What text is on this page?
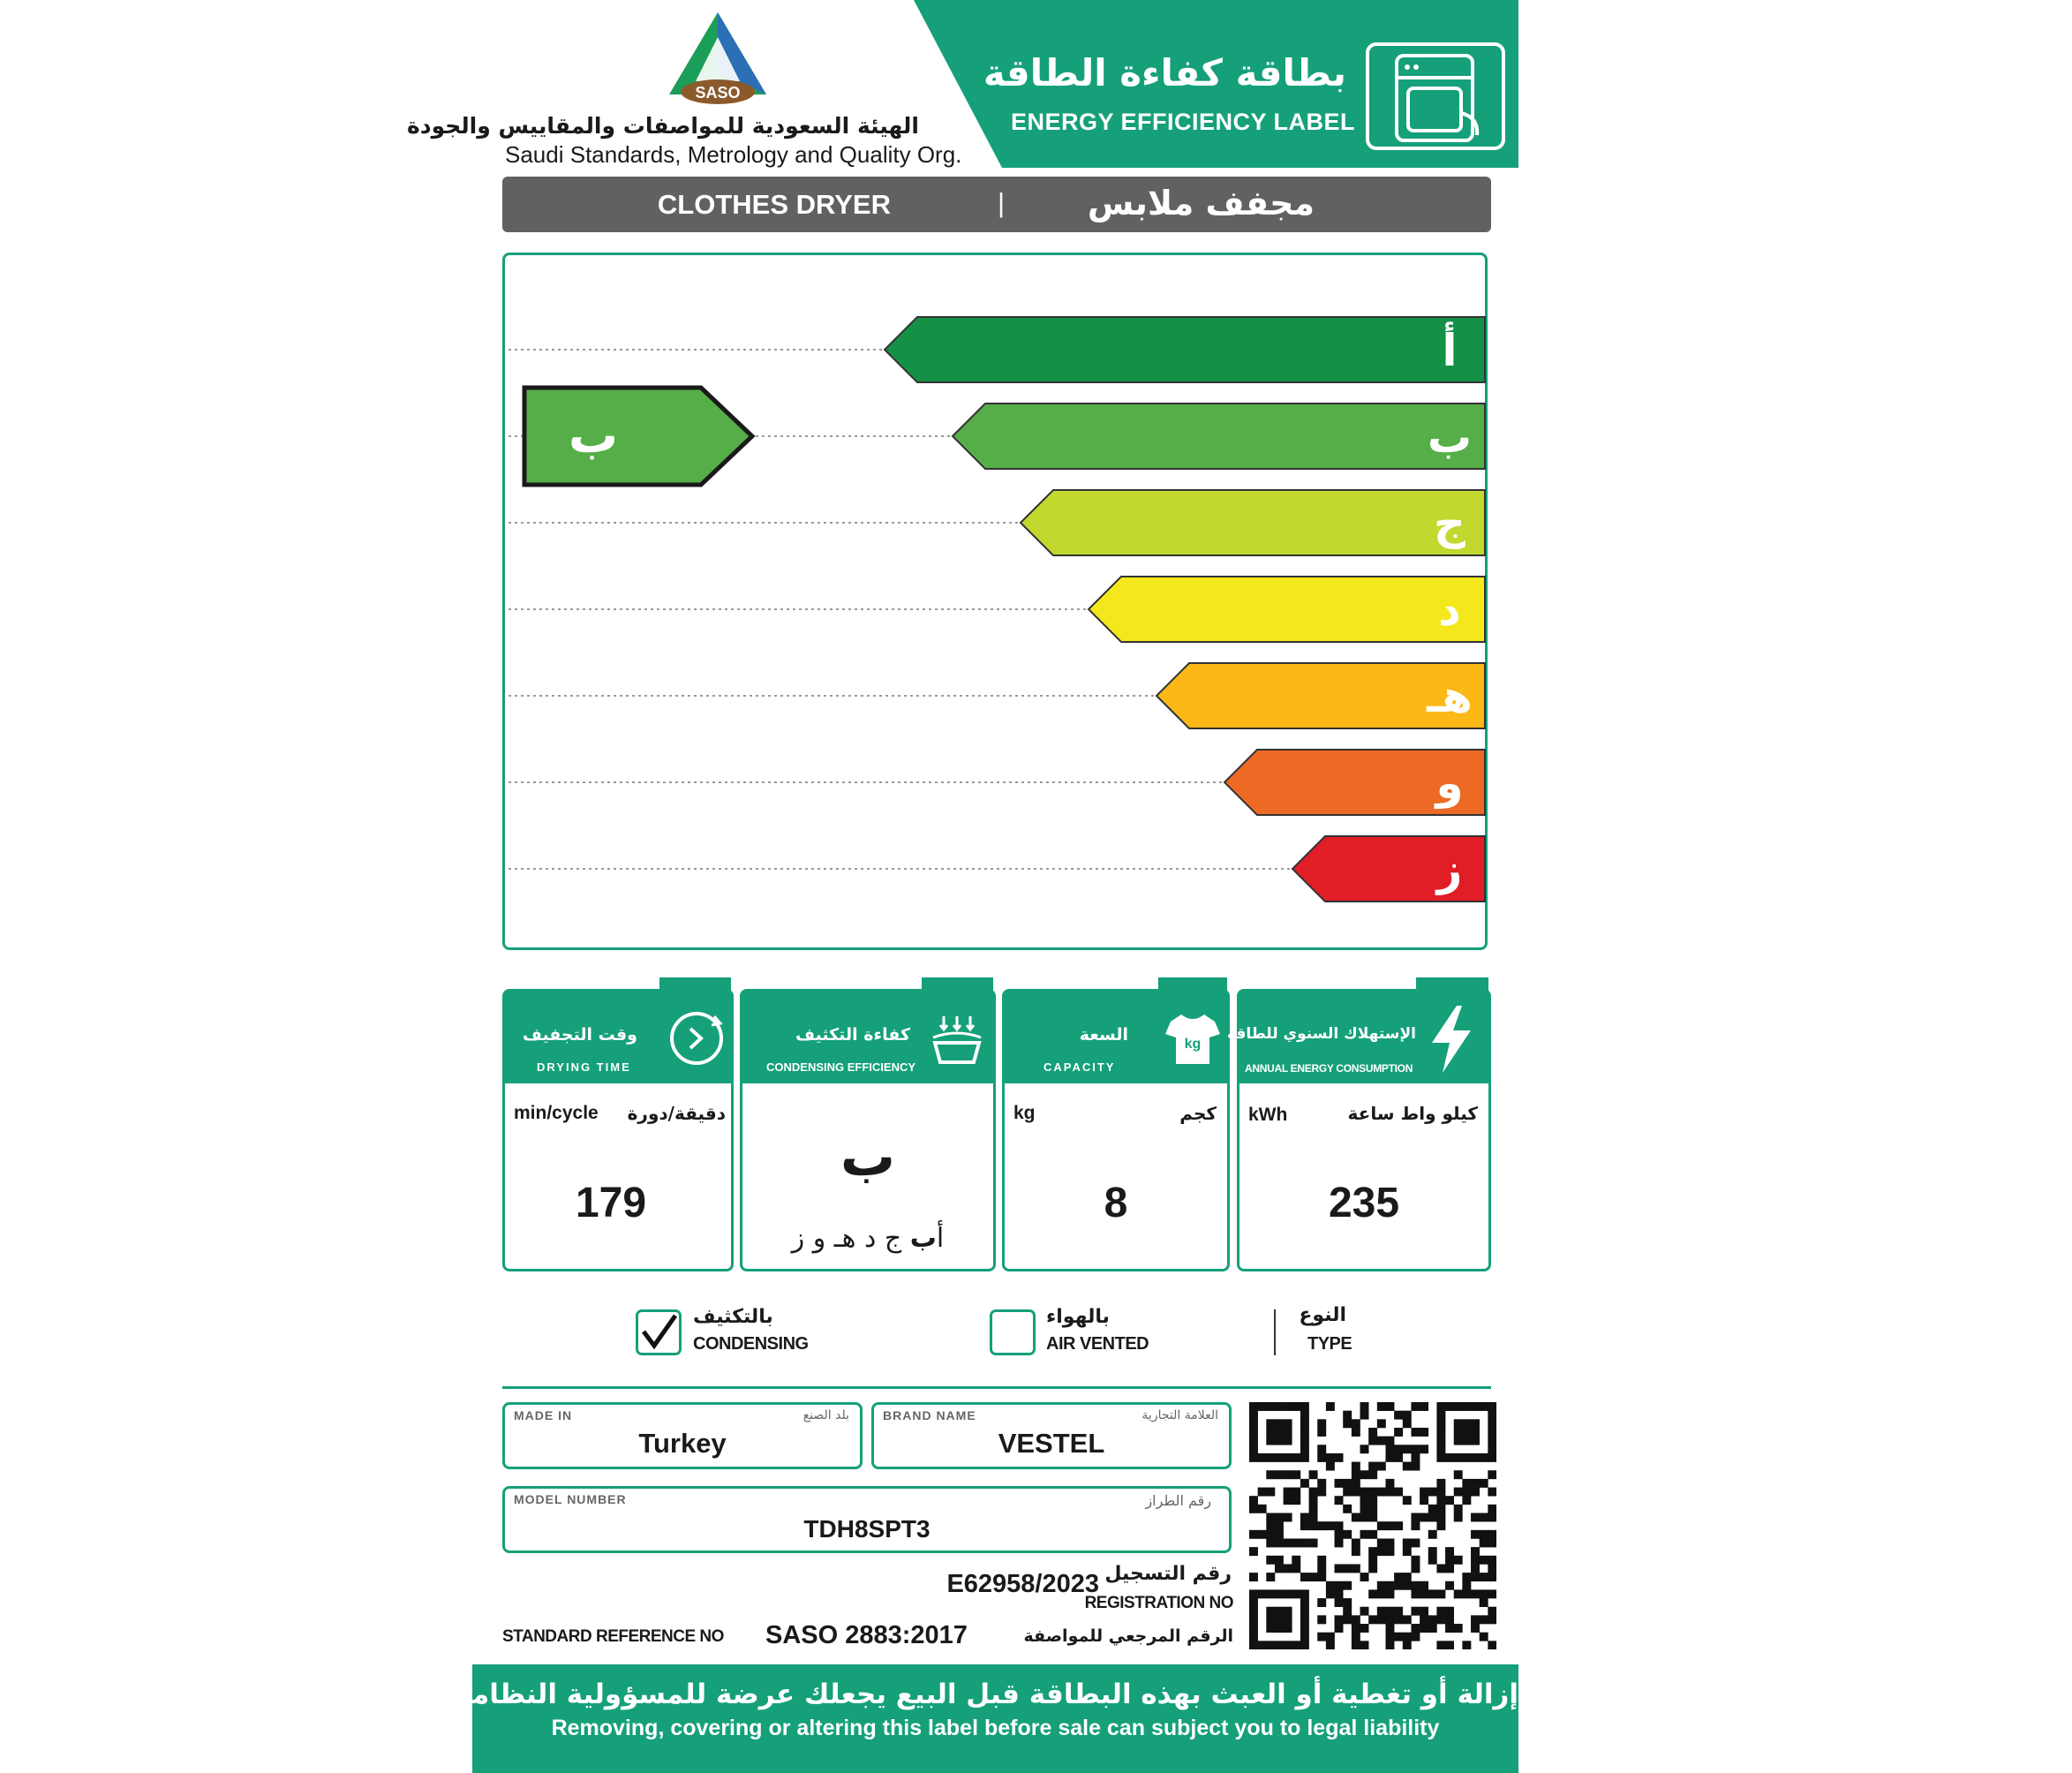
SASO
الهيئة السعودية للمواصفات والمقاييس والجودة
Saudi Standards, Metrology and Quality Org.
بطاقة كفاءة الطاقة
ENERGY EFFICIENCY LABEL
CLOTHES DRYER	|	مجفف ملابس
أ
ب
ج
د
هـ
و
ز
ب
وقت التجفيف
DRYING TIME
min/cycle	دقيقة/دورة
179
كفاءة التكثيف
CONDENSING EFFICIENCY
ب
أب ج د هـ و ز
السعة
CAPACITY
kg
kg	كجم
8
الإستهلاك السنوي للطاقة
ANNUAL ENERGY CONSUMPTION
kWh	كيلو واط ساعة
235
بالتكثيف
CONDENSING
بالهواء
AIR VENTED
النوع
TYPE
MADE IN	بلد الصنع
Turkey
BRAND NAME	العلامة التجارية
VESTEL
MODEL NUMBER	رقم الطراز
TDH8SPT3
E62958/2023 رقم التسجيل
REGISTRATION NO
STANDARD REFERENCE NO SASO 2883:2017	الرقم المرجعي للمواصفة
إزالة أو تغطية أو العبث بهذه البطاقة قبل البيع يجعلك عرضة للمسؤولية النظامية
Removing, covering or altering this label before sale can subject you to legal liability
